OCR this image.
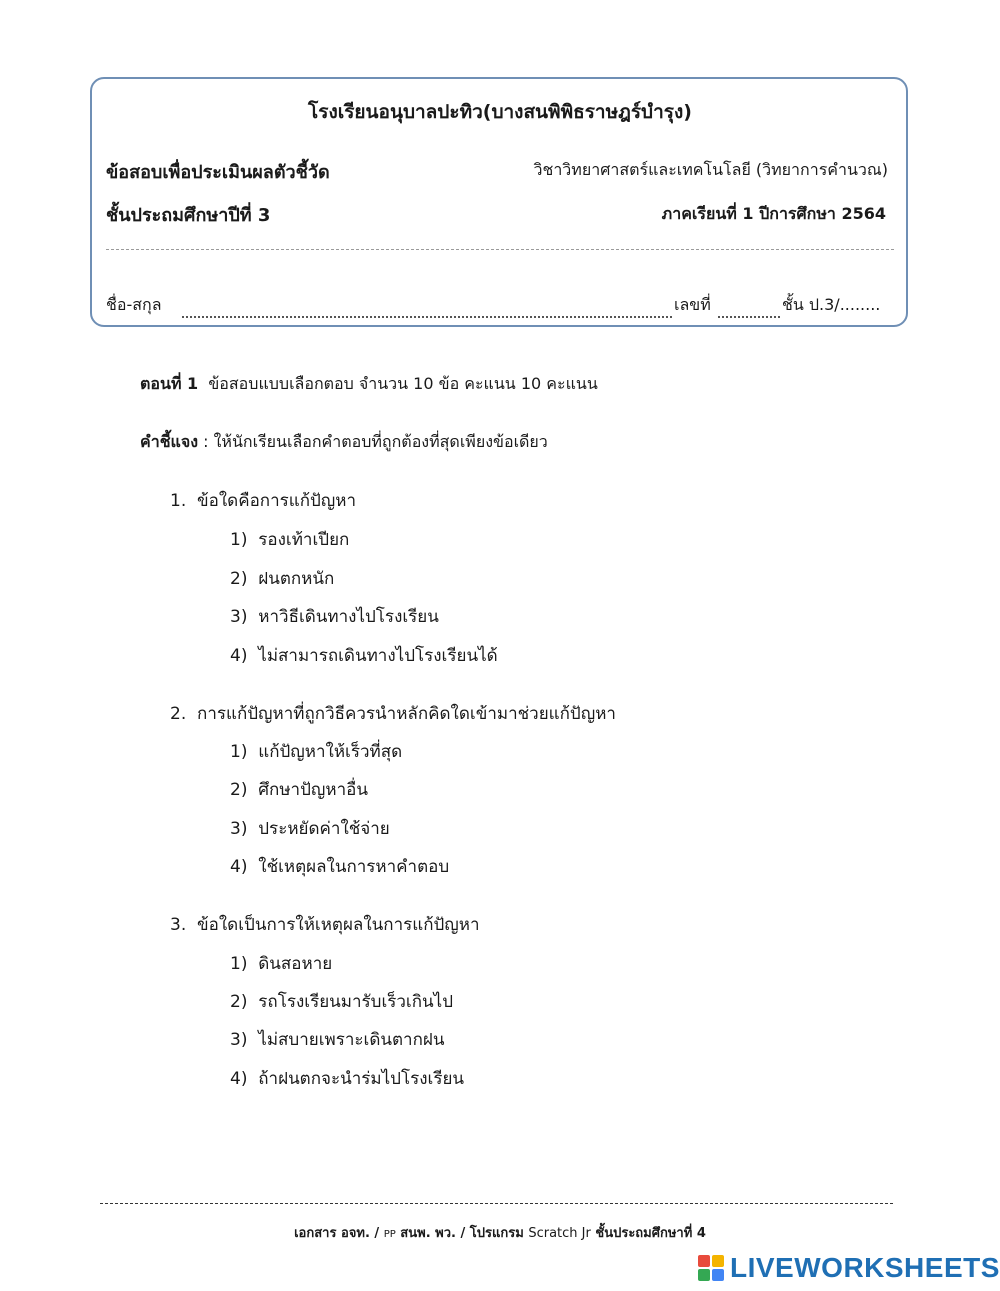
โรงเรียนอนุบาลปะทิว(บางสนพิพิธราษฎร์บำรุง)
ข้อสอบเพื่อประเมินผลตัวชี้วัด	วิชาวิทยาศาสตร์และเทคโนโลยี (วิทยาการคำนวณ)
ชั้นประถมศึกษาปีที่ 3	ภาคเรียนที่ 1 ปีการศึกษา 2564
ชื่อ-สกุล	เลขที่	ชั้น ป.3/........
ตอนที่ 1 ข้อสอบแบบเลือกตอบ จำนวน 10 ข้อ คะแนน 10 คะแนน
คำชี้แจง : ให้นักเรียนเลือกคำตอบที่ถูกต้องที่สุดเพียงข้อเดียว
1. ข้อใดคือการแก้ปัญหา
1) รองเท้าเปียก
2) ฝนตกหนัก
3) หาวิธีเดินทางไปโรงเรียน
4) ไม่สามารถเดินทางไปโรงเรียนได้
2. การแก้ปัญหาที่ถูกวิธีควรนำหลักคิดใดเข้ามาช่วยแก้ปัญหา
1) แก้ปัญหาให้เร็วที่สุด
2) ศึกษาปัญหาอื่น
3) ประหยัดค่าใช้จ่าย
4) ใช้เหตุผลในการหาคำตอบ
3. ข้อใดเป็นการให้เหตุผลในการแก้ปัญหา
1) ดินสอหาย
2) รถโรงเรียนมารับเร็วเกินไป
3) ไม่สบายเพราะเดินตากฝน
4) ถ้าฝนตกจะนำร่มไปโรงเรียน
เอกสาร อจท. / PP สนพ. พว. / โปรแกรม Scratch Jr ชั้นประถมศึกษาที่ 4
LIVEWORKSHEETS
